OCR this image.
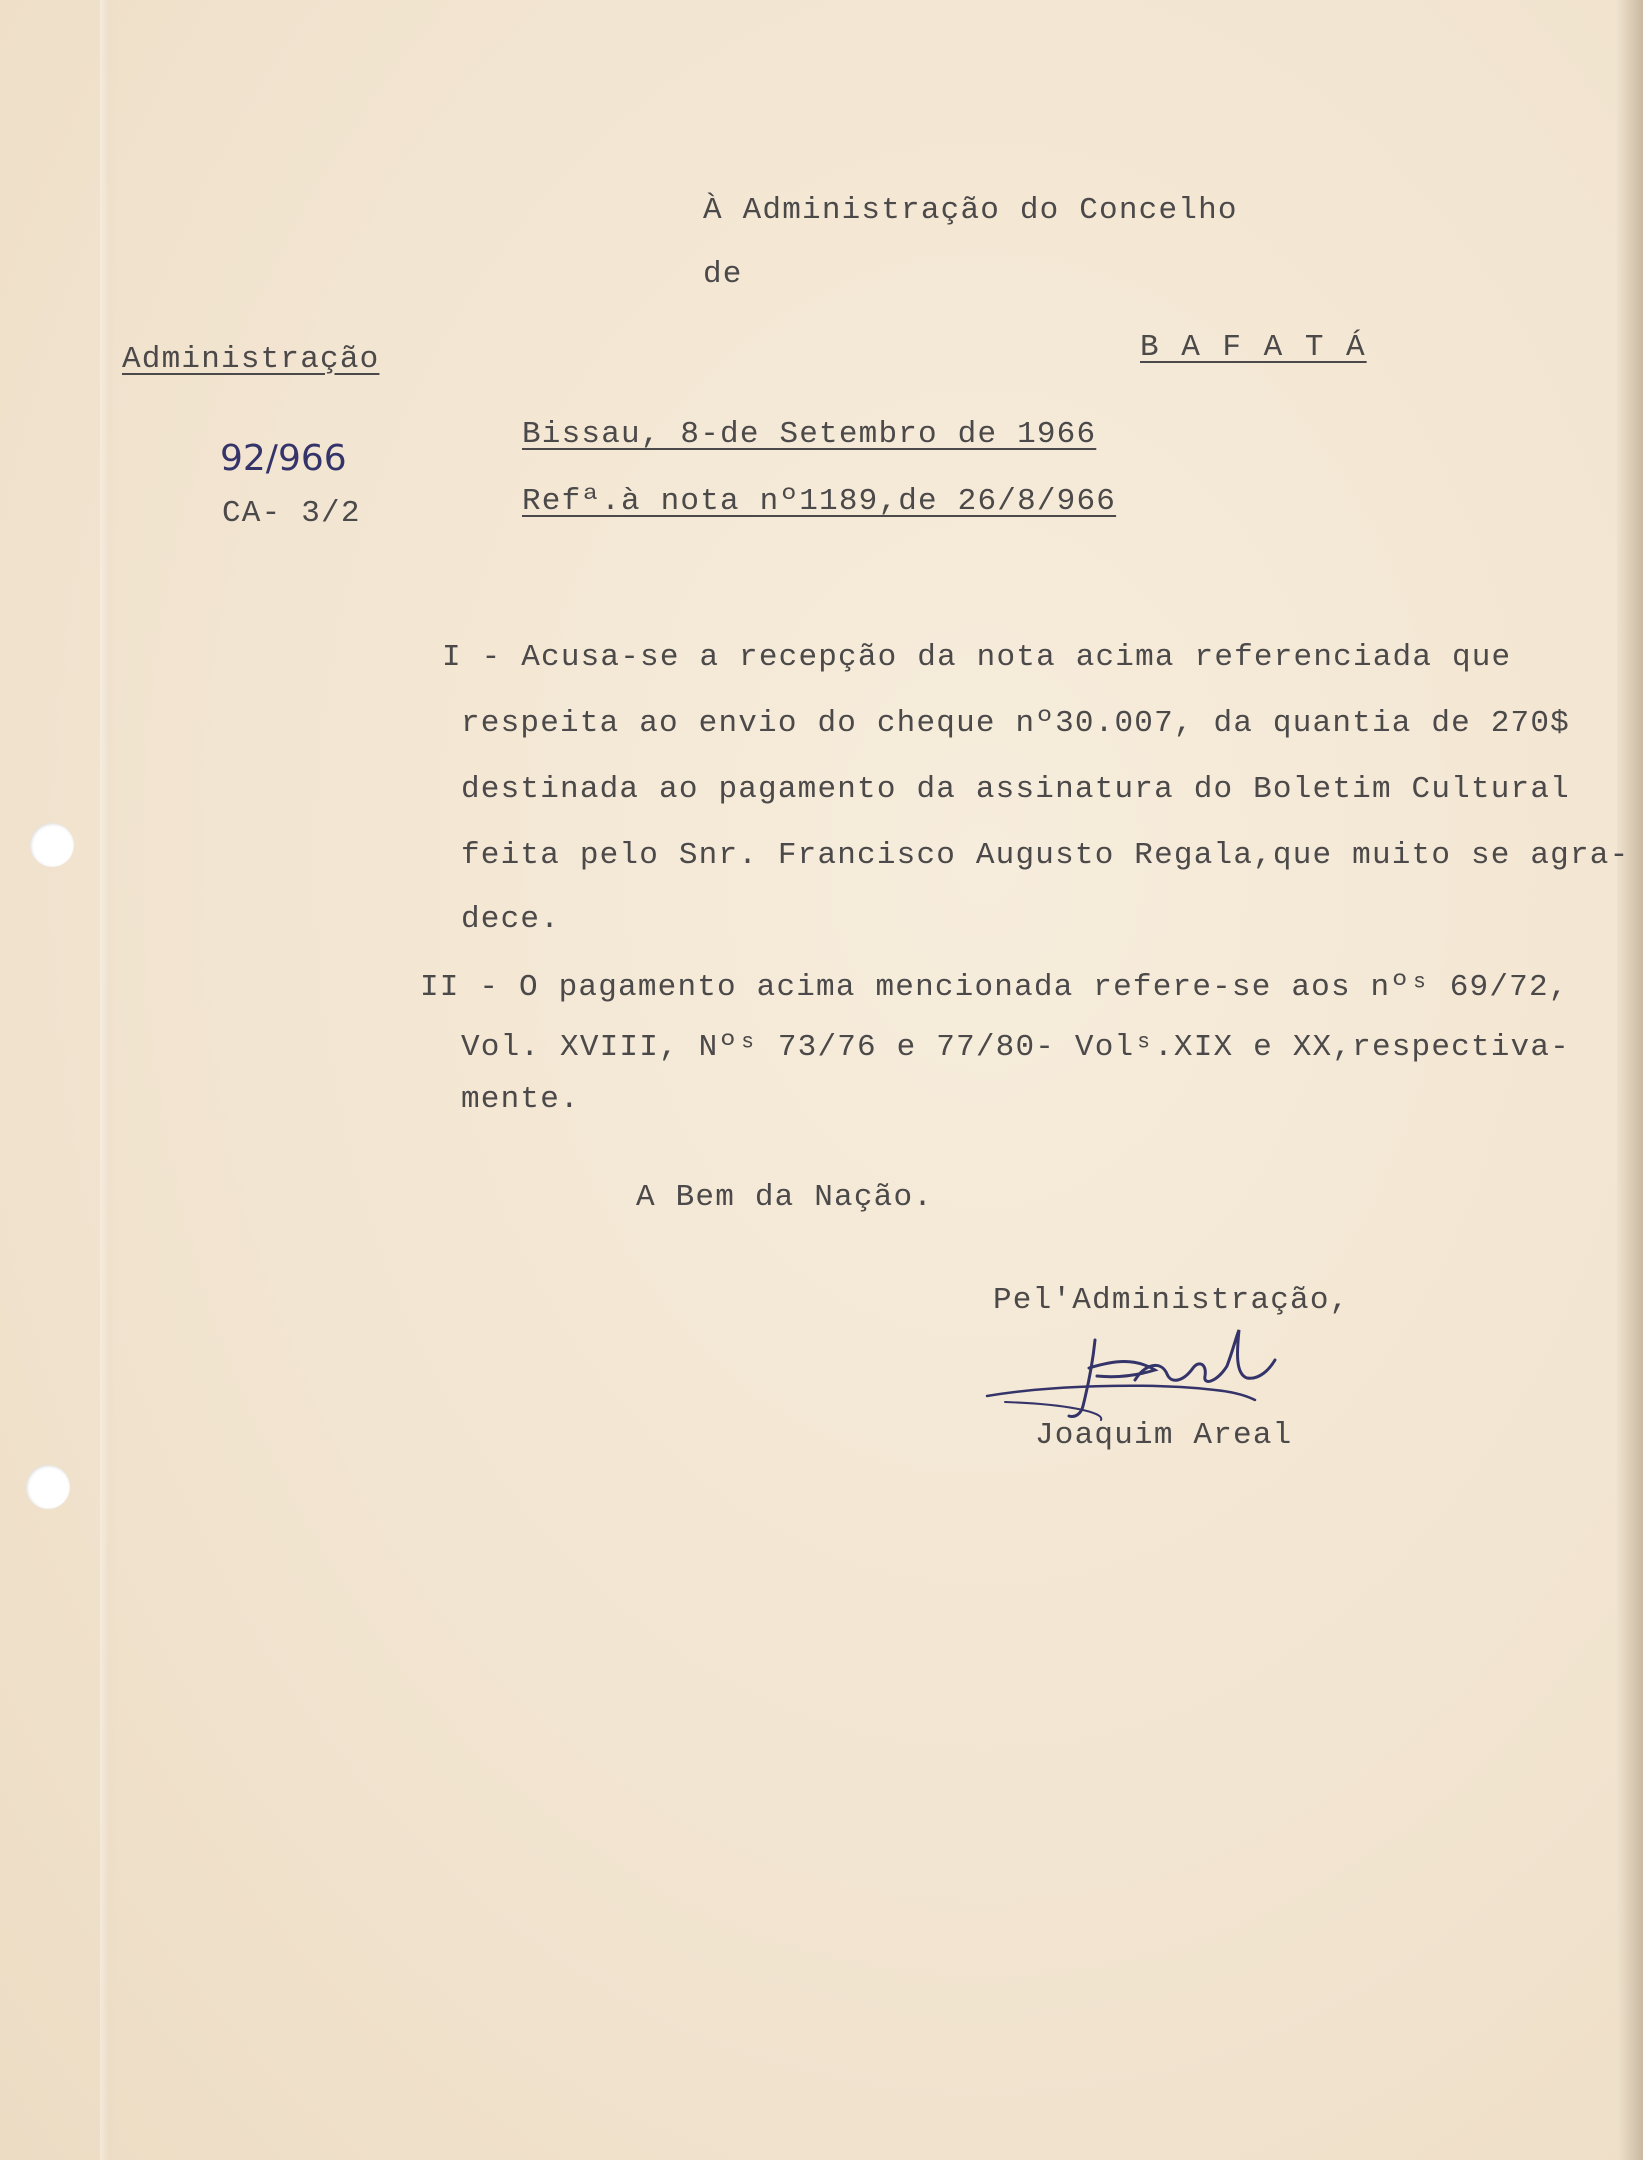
À Administração do Concelho
de
B A F A T Á
Administração
92/966
CA- 3/2
Bissau, 8-de Setembro de 1966
Refª.à nota nº1189,de 26/8/966
I - Acusa-se a recepção da nota acima referenciada que
respeita ao envio do cheque nº30.007, da quantia de 270$
destinada ao pagamento da assinatura do Boletim Cultural
feita pelo Snr. Francisco Augusto Regala,que muito se agra-
dece.
II - O pagamento acima mencionada refere-se aos nºˢ 69/72,
Vol. XVIII, Nºˢ 73/76 e 77/80- Volˢ.XIX e XX,respectiva-
mente.
A Bem da Nação.
Pel'Administração,
Joaquim Areal
